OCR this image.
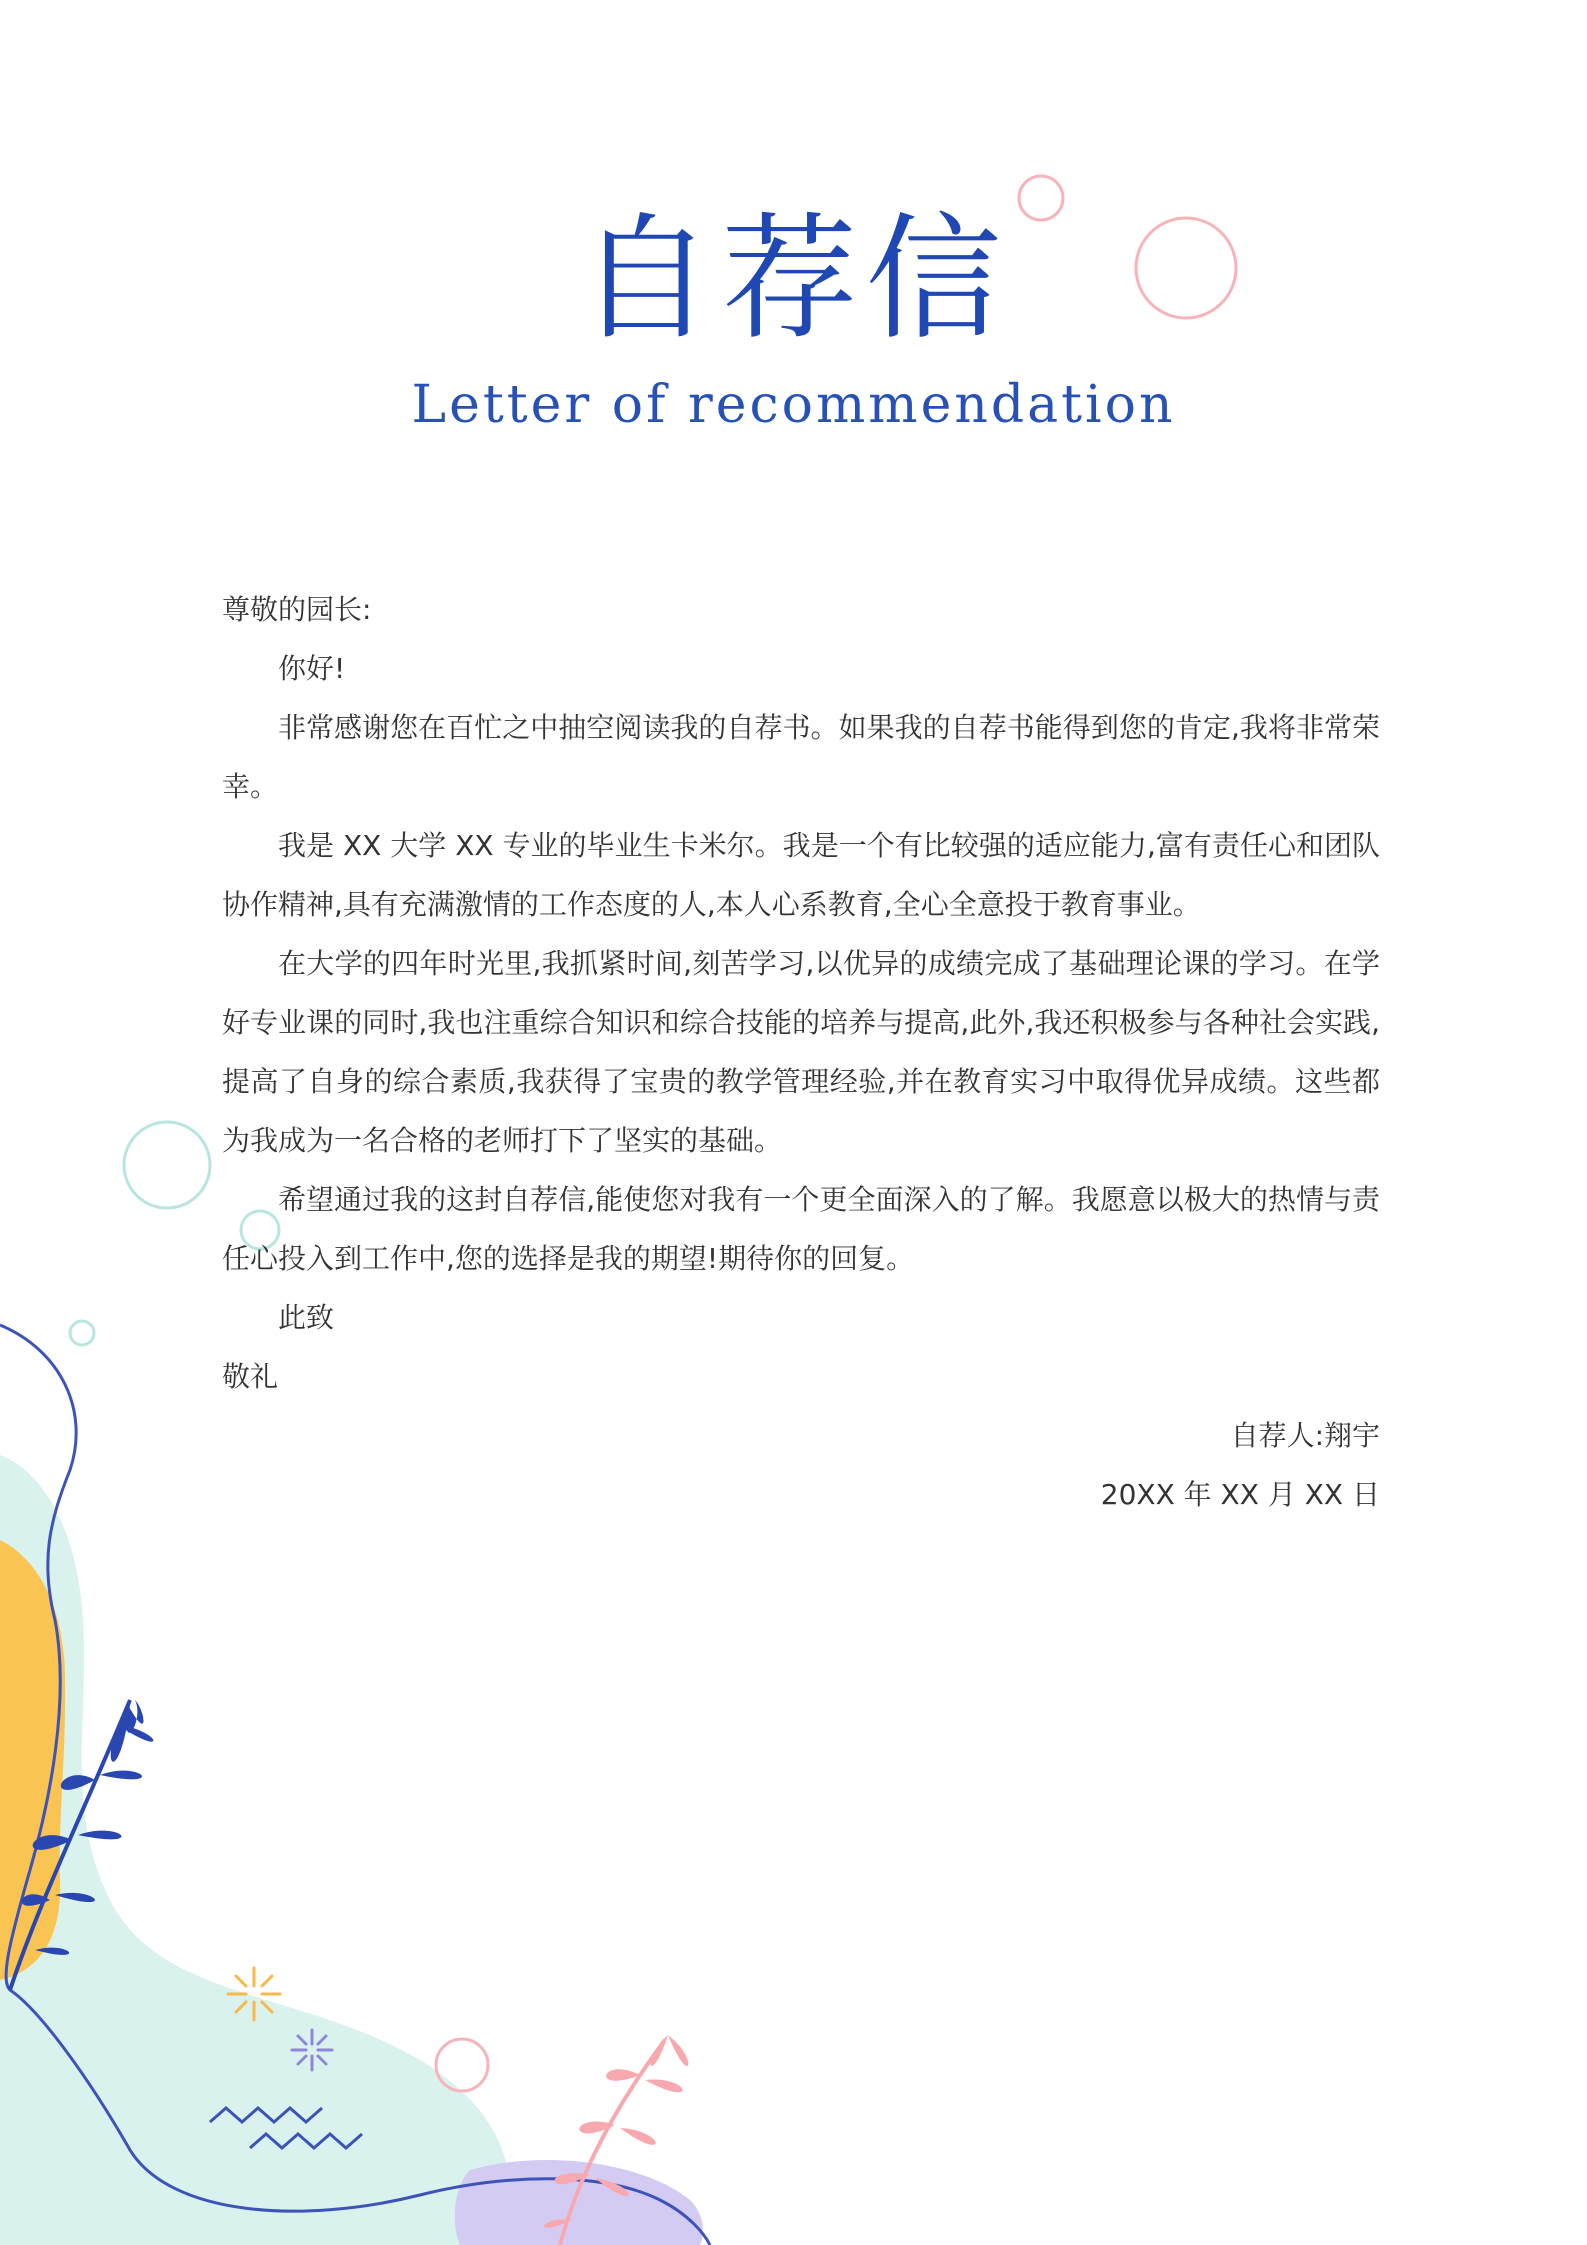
自荐信
Letter of recommendation

尊敬的园长:

你好!

非常感谢您在百忙之中抽空阅读我的自荐书。如果我的自荐书能得到您的肯定,我将非常荣幸。

我是 XX 大学 XX 专业的毕业生卡米尔。我是一个有比较强的适应能力,富有责任心和团队协作精神,具有充满激情的工作态度的人,本人心系教育,全心全意投于教育事业。

在大学的四年时光里,我抓紧时间,刻苦学习,以优异的成绩完成了基础理论课的学习。在学好专业课的同时,我也注重综合知识和综合技能的培养与提高,此外,我还积极参与各种社会实践,提高了自身的综合素质,我获得了宝贵的教学管理经验,并在教育实习中取得优异成绩。这些都为我成为一名合格的老师打下了坚实的基础。

希望通过我的这封自荐信,能使您对我有一个更全面深入的了解。我愿意以极大的热情与责任心投入到工作中,您的选择是我的期望!期待你的回复。

此致

敬礼

自荐人:翔宇

20XX 年 XX 月 XX 日
